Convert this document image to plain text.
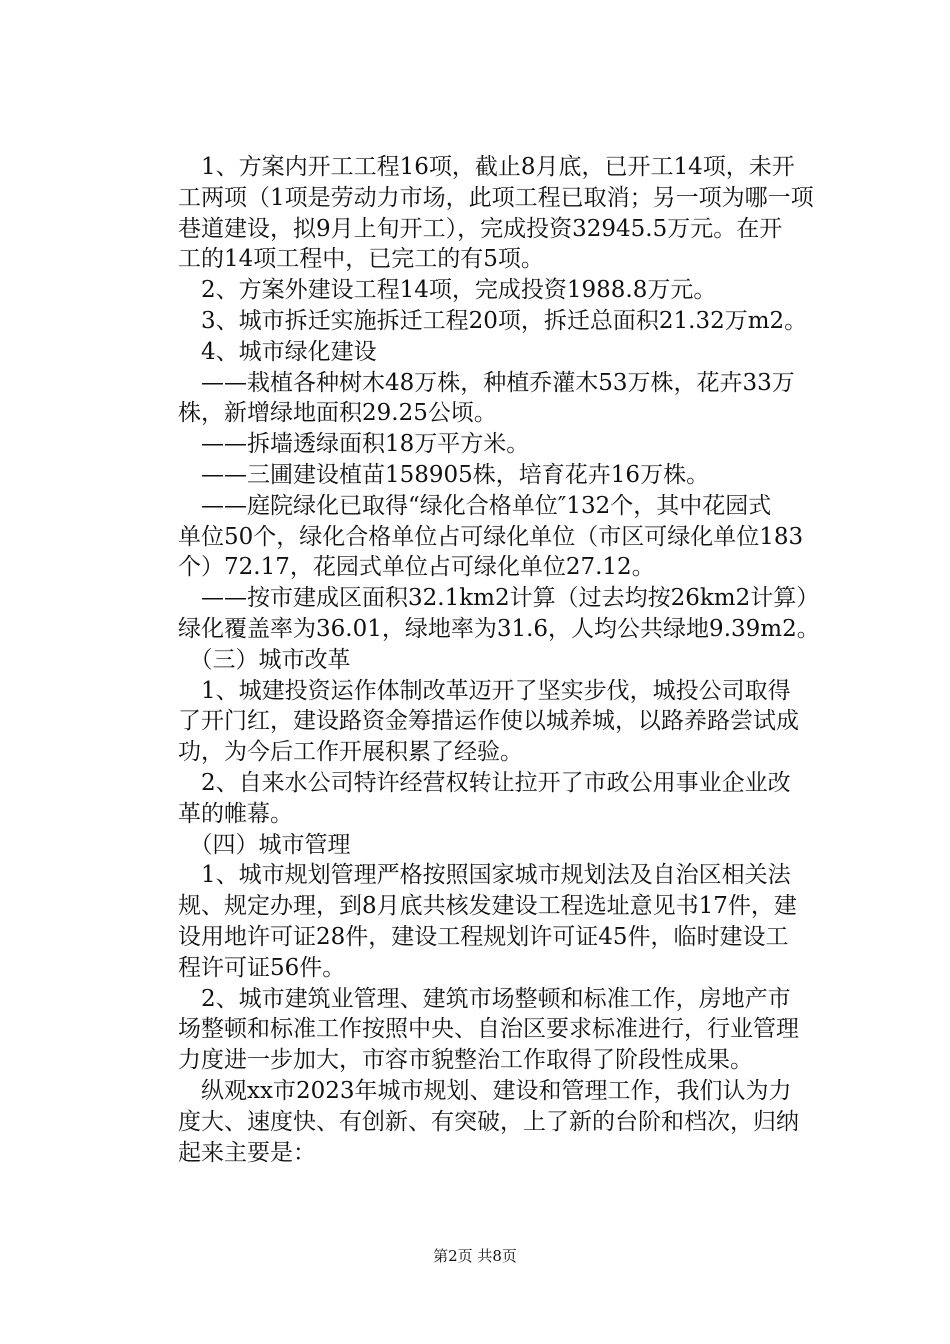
　1、方案内开工工程16项，截止8月底，已开工14项，未开
工两项（1项是劳动力市场，此项工程已取消；另一项为哪一项
巷道建设，拟9月上旬开工），完成投资32945.5万元。在开
工的14项工程中，已完工的有5项。
　2、方案外建设工程14项，完成投资1988.8万元。
　3、城市拆迁实施拆迁工程20项，拆迁总面积21.32万m2。
　4、城市绿化建设
　——栽植各种树木48万株，种植乔灌木53万株，花卉33万
株，新增绿地面积29.25公顷。
　——拆墙透绿面积18万平方米。
　——三圃建设植苗158905株，培育花卉16万株。
　——庭院绿化已取得“绿化合格单位″132个，其中花园式
单位50个，绿化合格单位占可绿化单位（市区可绿化单位183
个）72.17，花园式单位占可绿化单位27.12。
　——按市建成区面积32.1km2计算（过去均按26km2计算）
绿化覆盖率为36.01，绿地率为31.6，人均公共绿地9.39m2。
　（三）城市改革
　1、城建投资运作体制改革迈开了坚实步伐，城投公司取得
了开门红，建设路资金筹措运作使以城养城，以路养路尝试成
功，为今后工作开展积累了经验。
　2、自来水公司特许经营权转让拉开了市政公用事业企业改
革的帷幕。
　（四）城市管理
　1、城市规划管理严格按照国家城市规划法及自治区相关法
规、规定办理，到8月底共核发建设工程选址意见书17件，建
设用地许可证28件，建设工程规划许可证45件，临时建设工
程许可证56件。
　2、城市建筑业管理、建筑市场整顿和标准工作，房地产市
场整顿和标准工作按照中央、自治区要求标准进行，行业管理
力度进一步加大，市容市貌整治工作取得了阶段性成果。
　纵观xx市2023年城市规划、建设和管理工作，我们认为力
度大、速度快、有创新、有突破，上了新的台阶和档次，归纳
起来主要是：
第2页 共8页
